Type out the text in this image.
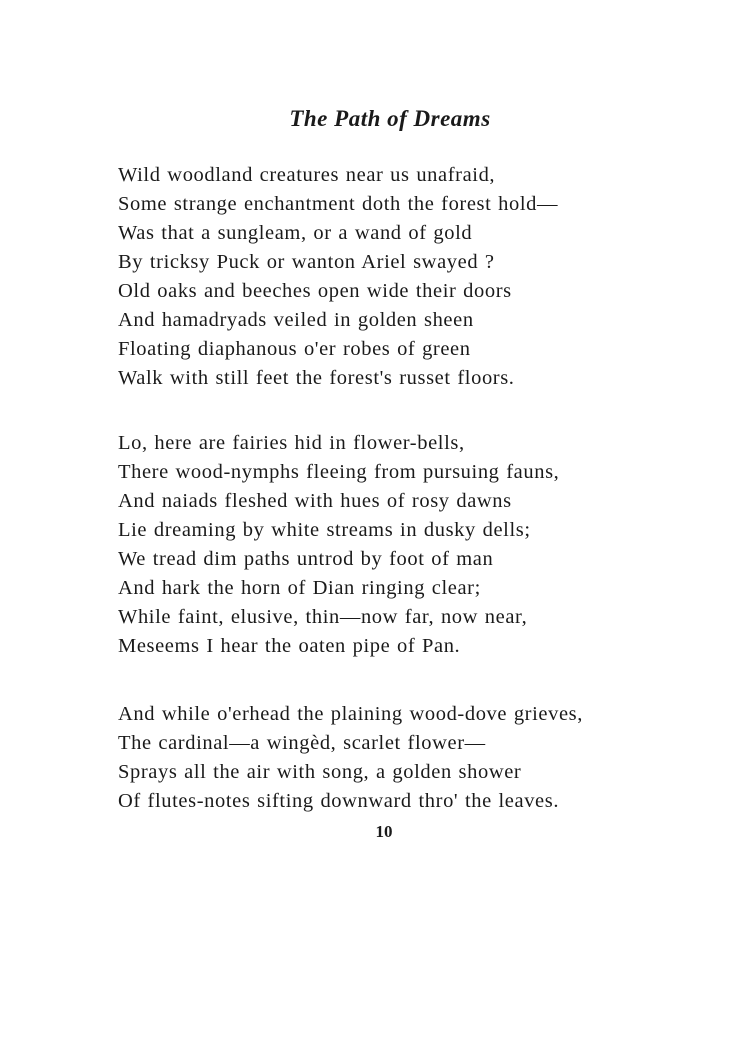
The Path of Dreams
Wild woodland creatures near us unafraid,
Some strange enchantment doth the forest hold—
Was that a sungleam, or a wand of gold
By tricksy Puck or wanton Ariel swayed ?
Old oaks and beeches open wide their doors
And hamadryads veiled in golden sheen
Floating diaphanous o'er robes of green
Walk with still feet the forest's russet floors.
Lo, here are fairies hid in flower-bells,
There wood-nymphs fleeing from pursuing fauns,
And naiads fleshed with hues of rosy dawns
Lie dreaming by white streams in dusky dells;
We tread dim paths untrod by foot of man
And hark the horn of Dian ringing clear;
While faint, elusive, thin—now far, now near,
Meseems I hear the oaten pipe of Pan.
And while o'erhead the plaining wood-dove grieves,
The cardinal—a wingèd, scarlet flower—
Sprays all the air with song, a golden shower
Of flutes-notes sifting downward thro' the leaves.
10
